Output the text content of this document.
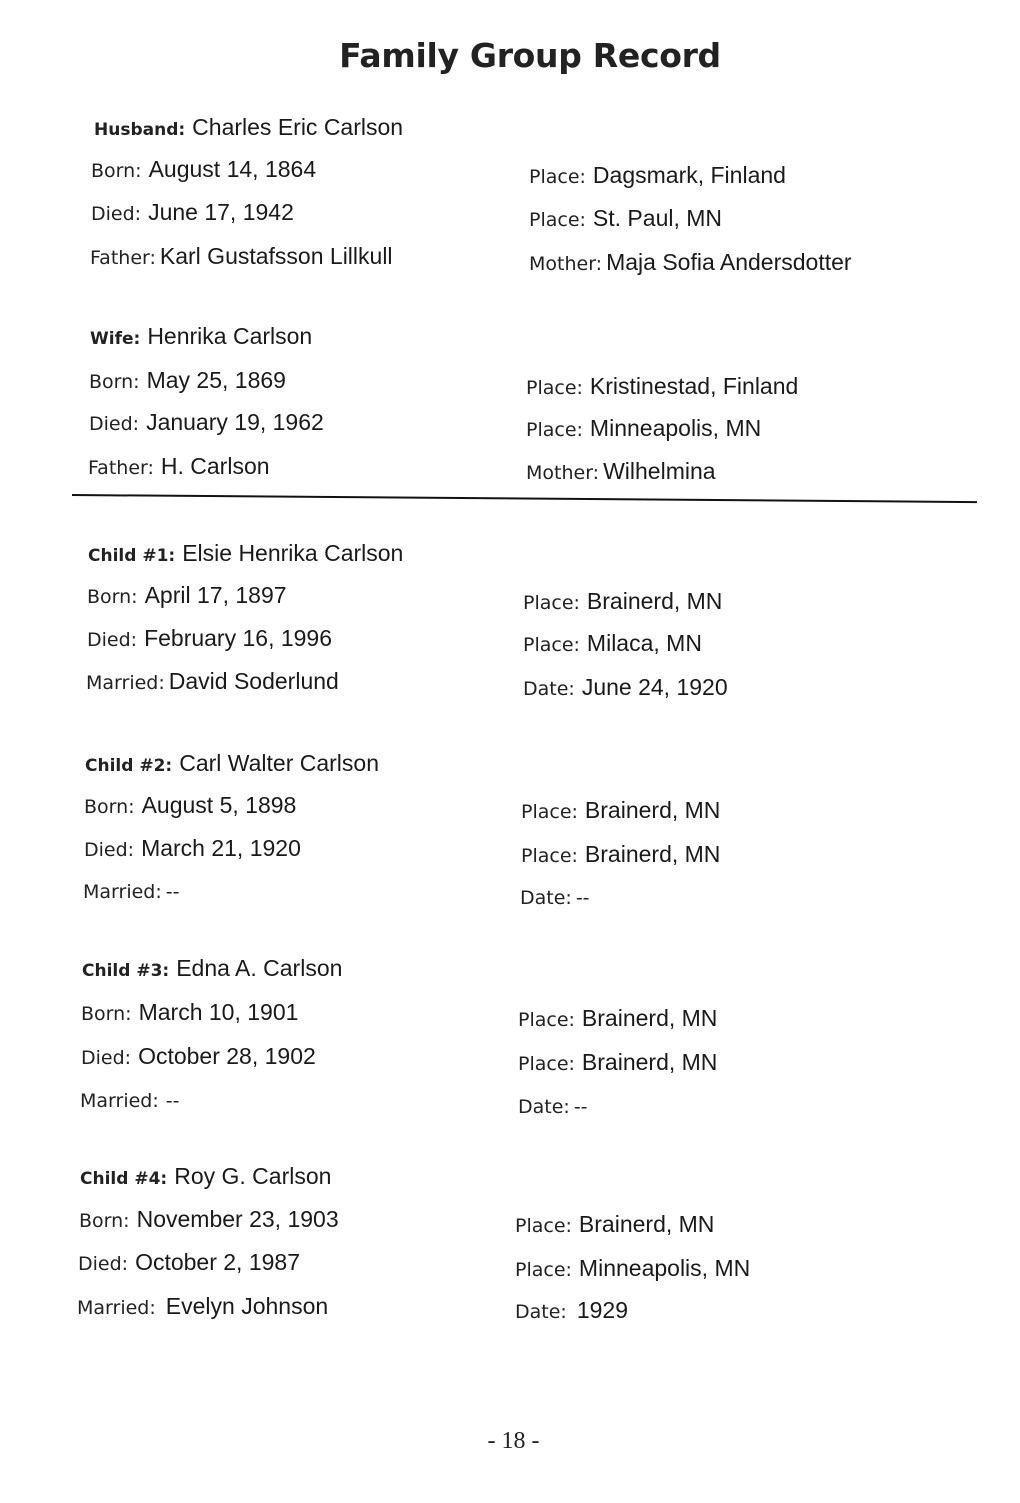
Family Group Record
Husband: Charles Eric Carlson
Born: August 14, 1864	Place: Dagsmark, Finland
Died: June 17, 1942	Place: St. Paul, MN
Father: Karl Gustafsson Lillkull	Mother: Maja Sofia Andersdotter
Wife: Henrika Carlson
Born: May 25, 1869	Place: Kristinestad, Finland
Died: January 19, 1962	Place: Minneapolis, MN
Father: H. Carlson	Mother: Wilhelmina
Child #1: Elsie Henrika Carlson
Born: April 17, 1897	Place: Brainerd, MN
Died: February 16, 1996	Place: Milaca, MN
Married: David Soderlund	Date: June 24, 1920
Child #2: Carl Walter Carlson
Born: August 5, 1898	Place: Brainerd, MN
Died: March 21, 1920	Place: Brainerd, MN
Married: --	Date: --
Child #3: Edna A. Carlson
Born: March 10, 1901	Place: Brainerd, MN
Died: October 28, 1902	Place: Brainerd, MN
Married: --	Date: --
Child #4: Roy G. Carlson
Born: November 23, 1903	Place: Brainerd, MN
Died: October 2, 1987	Place: Minneapolis, MN
Married: Evelyn Johnson	Date: 1929
- 18 -
